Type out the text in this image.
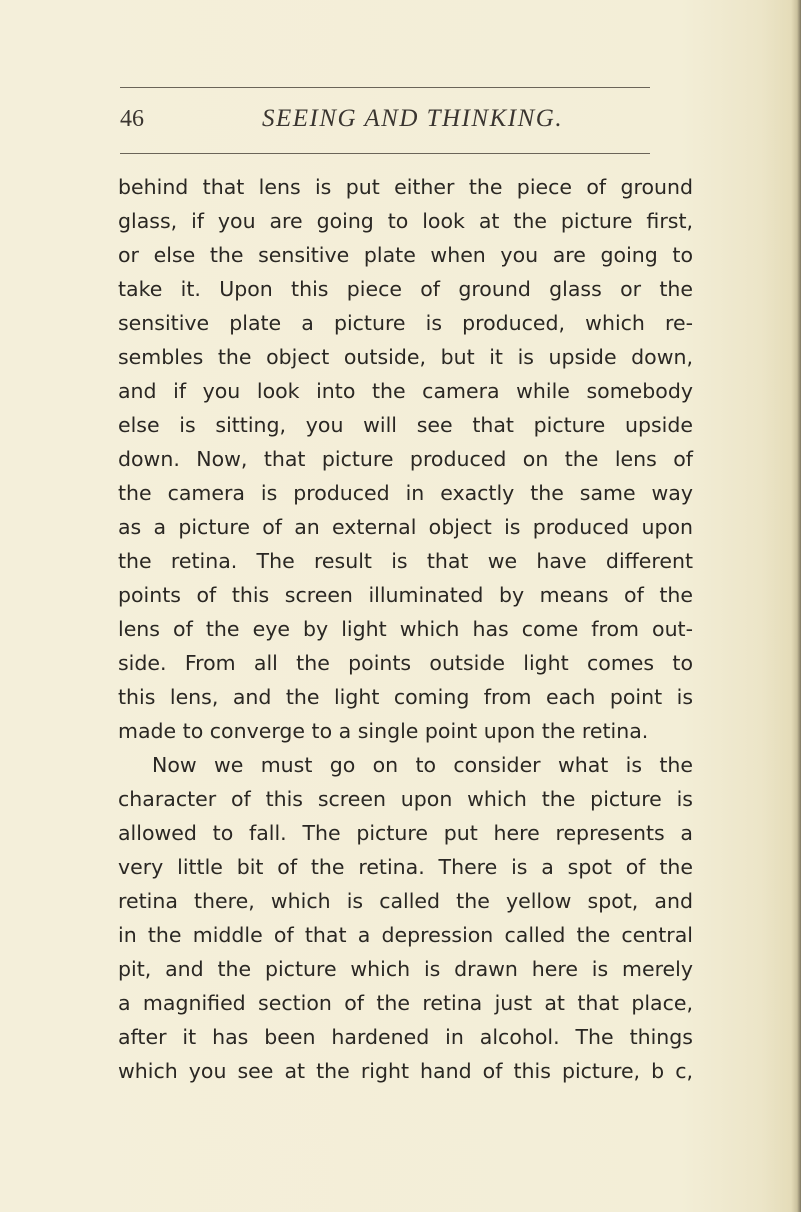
46	SEEING AND THINKING.
behind that lens is put either the piece of ground
glass, if you are going to look at the picture first,
or else the sensitive plate when you are going to
take it. Upon this piece of ground glass or the
sensitive plate a picture is produced, which re-
sembles the object outside, but it is upside down,
and if you look into the camera while somebody
else is sitting, you will see that picture upside
down. Now, that picture produced on the lens of
the camera is produced in exactly the same way
as a picture of an external object is produced upon
the retina. The result is that we have different
points of this screen illuminated by means of the
lens of the eye by light which has come from out-
side. From all the points outside light comes to
this lens, and the light coming from each point is
made to converge to a single point upon the retina.
Now we must go on to consider what is the
character of this screen upon which the picture is
allowed to fall. The picture put here represents a
very little bit of the retina. There is a spot of the
retina there, which is called the yellow spot, and
in the middle of that a depression called the central
pit, and the picture which is drawn here is merely
a magnified section of the retina just at that place,
after it has been hardened in alcohol. The things
which you see at the right hand of this picture, b c,
